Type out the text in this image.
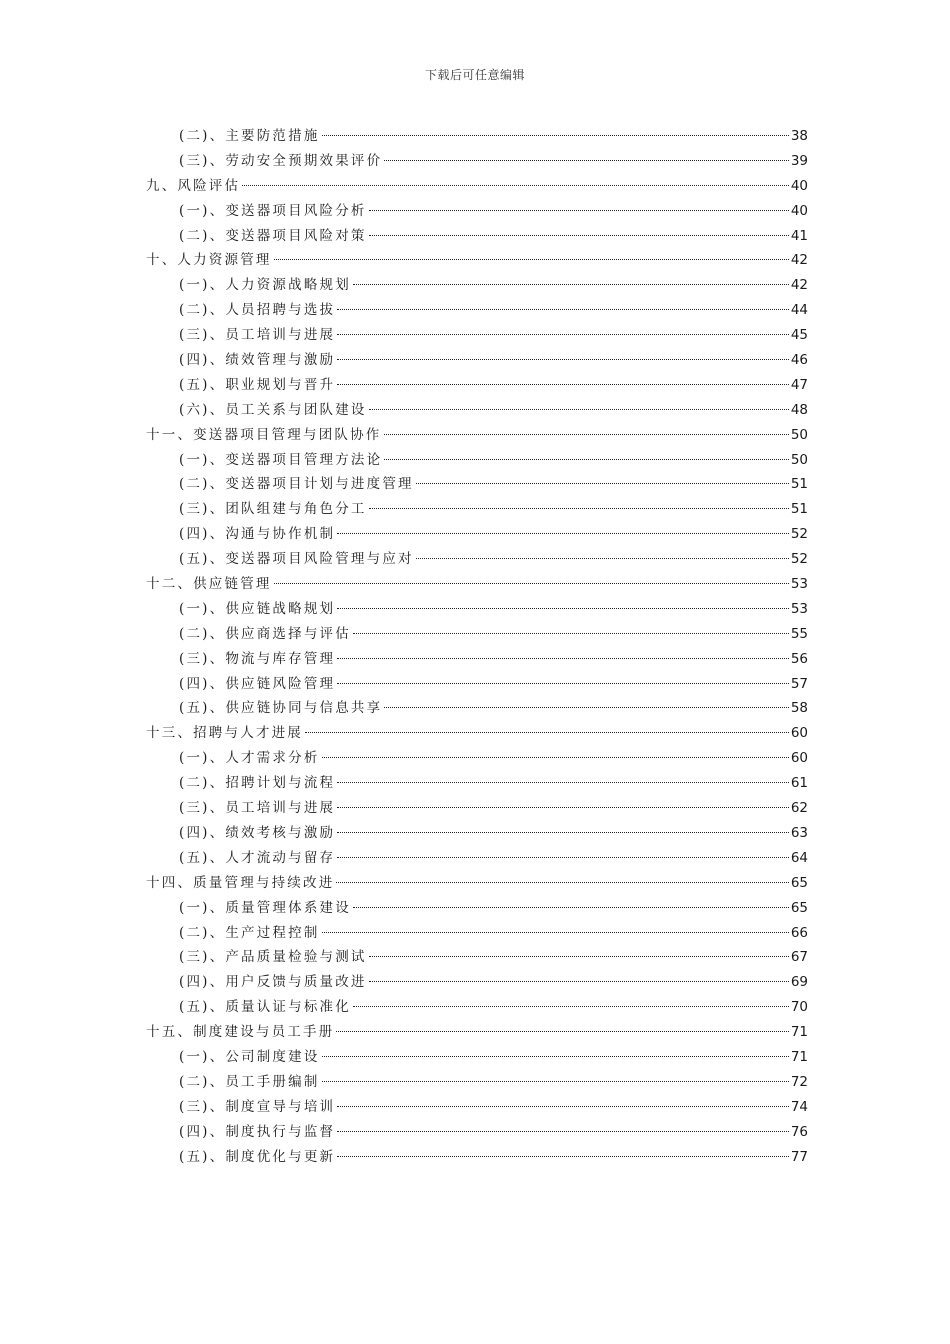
下载后可任意编辑
(二)、主要防范措施	38
(三)、劳动安全预期效果评价	39
九、风险评估	40
(一)、变送器项目风险分析	40
(二)、变送器项目风险对策	41
十、人力资源管理	42
(一)、人力资源战略规划	42
(二)、人员招聘与选拔	44
(三)、员工培训与进展	45
(四)、绩效管理与激励	46
(五)、职业规划与晋升	47
(六)、员工关系与团队建设	48
十一、变送器项目管理与团队协作	50
(一)、变送器项目管理方法论	50
(二)、变送器项目计划与进度管理	51
(三)、团队组建与角色分工	51
(四)、沟通与协作机制	52
(五)、变送器项目风险管理与应对	52
十二、供应链管理	53
(一)、供应链战略规划	53
(二)、供应商选择与评估	55
(三)、物流与库存管理	56
(四)、供应链风险管理	57
(五)、供应链协同与信息共享	58
十三、招聘与人才进展	60
(一)、人才需求分析	60
(二)、招聘计划与流程	61
(三)、员工培训与进展	62
(四)、绩效考核与激励	63
(五)、人才流动与留存	64
十四、质量管理与持续改进	65
(一)、质量管理体系建设	65
(二)、生产过程控制	66
(三)、产品质量检验与测试	67
(四)、用户反馈与质量改进	69
(五)、质量认证与标准化	70
十五、制度建设与员工手册	71
(一)、公司制度建设	71
(二)、员工手册编制	72
(三)、制度宣导与培训	74
(四)、制度执行与监督	76
(五)、制度优化与更新	77
